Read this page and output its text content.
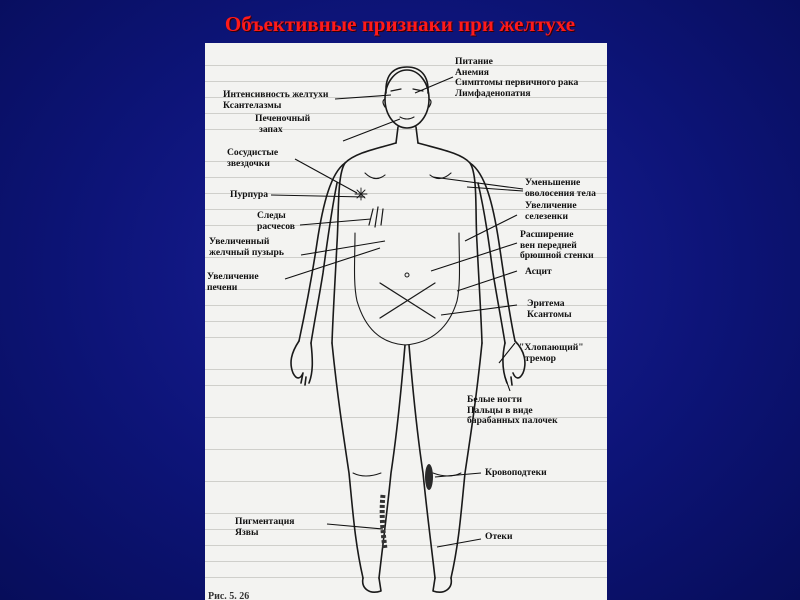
Объективные признаки при желтухе
Питание
Анемия
Симптомы первичного рака
Лимфаденопатия
Интенсивность желтухи
Ксантелазмы
Печеночный
запах
Сосудистые
звездочки
Пурпура
Следы
расчесов
Увеличенный
желчный пузырь
Увеличение
печени
Уменьшение
оволосения тела
Увеличение
селезенки
Расширение
вен передней
брюшной стенки
Асцит
Эритема
Ксантомы
"Хлопающий"
тремор
Белые ногти
Пальцы в виде
барабанных палочек
Кровоподтеки
Пигментация
Язвы	Отеки
Рис. 5. 26
